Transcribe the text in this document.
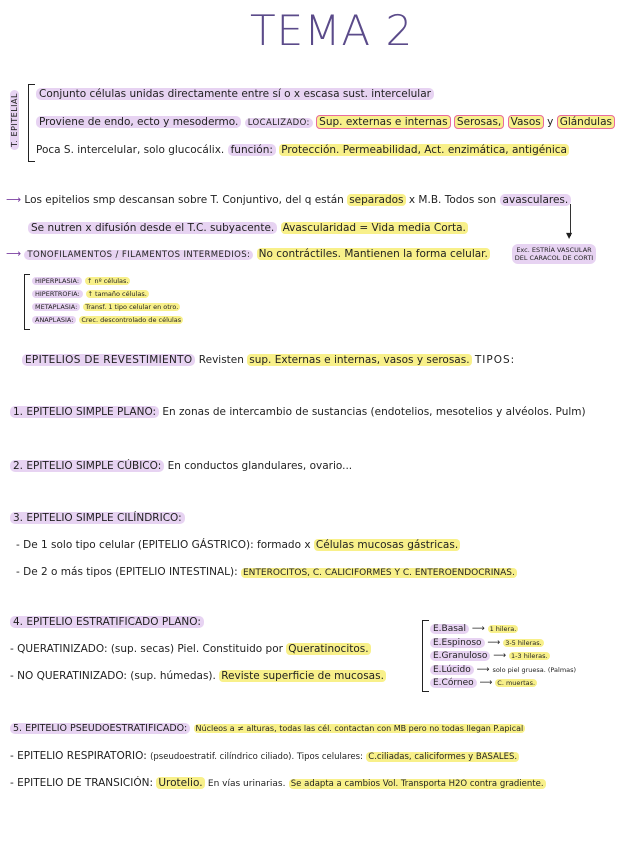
TEMA 2
T. EPITELIAL Conjunto células unidas directamente entre sí o x escasa sust. intercelular
Proviene de endo, ecto y mesodermo. LOCALIZADO: Sup. externas e internas Serosas, Vasos y Glándulas
Poca S. intercelular, solo glucocálix. función: Protección. Permeabilidad, Act. enzimática, antigénica
⟶ Los epitelios smp descansan sobre T. Conjuntivo, del q están separados x M.B. Todos son avasculares.
Se nutren x difusión desde el T.C. subyacente. Avascularidad = Vida media Corta.
⟶ TONOFILAMENTOS / FILAMENTOS INTERMEDIOS: No contráctiles. Mantienen la forma celular.
▼
Exc. ESTRÍA VASCULAR DEL CARACOL DE CORTI
HIPERPLASIA: ↑ nº células.
HIPERTROFIA: ↑ tamaño células.
METAPLASIA: Transf. 1 tipo celular en otro.
ANAPLASIA: Crec. descontrolado de células
EPITELIOS DE REVESTIMIENTO Revisten sup. Externas e internas, vasos y serosas. TIPOS:
1. EPITELIO SIMPLE PLANO: En zonas de intercambio de sustancias (endotelios, mesotelios y alvéolos. Pulm)
2. EPITELIO SIMPLE CÚBICO: En conductos glandulares, ovario...
3. EPITELIO SIMPLE CILÍNDRICO:
- De 1 solo tipo celular (EPITELIO GÁSTRICO): formado x Células mucosas gástricas.
- De 2 o más tipos (EPITELIO INTESTINAL): ENTEROCITOS, C. CALICIFORMES Y C. ENTEROENDOCRINAS.
4. EPITELIO ESTRATIFICADO PLANO:
- QUERATINIZADO: (sup. secas) Piel. Constituido por Queratinocitos.
- NO QUERATINIZADO: (sup. húmedas). Reviste superficie de mucosas.
E.Basal ⟶ 1 hilera.
E.Espinoso ⟶ 3-5 hileras.
E.Granuloso ⟶ 1-3 hileras.
E.Lúcido ⟶ solo piel gruesa. (Palmas)
E.Córneo ⟶ C. muertas.
5. EPITELIO PSEUDOESTRATIFICADO: Núcleos a ≠ alturas, todas las cél. contactan con MB pero no todas llegan P.apical
- EPITELIO RESPIRATORIO: (pseudoestratif. cilíndrico ciliado). Tipos celulares: C.ciliadas, caliciformes y BASALES.
- EPITELIO DE TRANSICIÓN: Urotelio. En vías urinarias. Se adapta a cambios Vol. Transporta H2O contra gradiente.
